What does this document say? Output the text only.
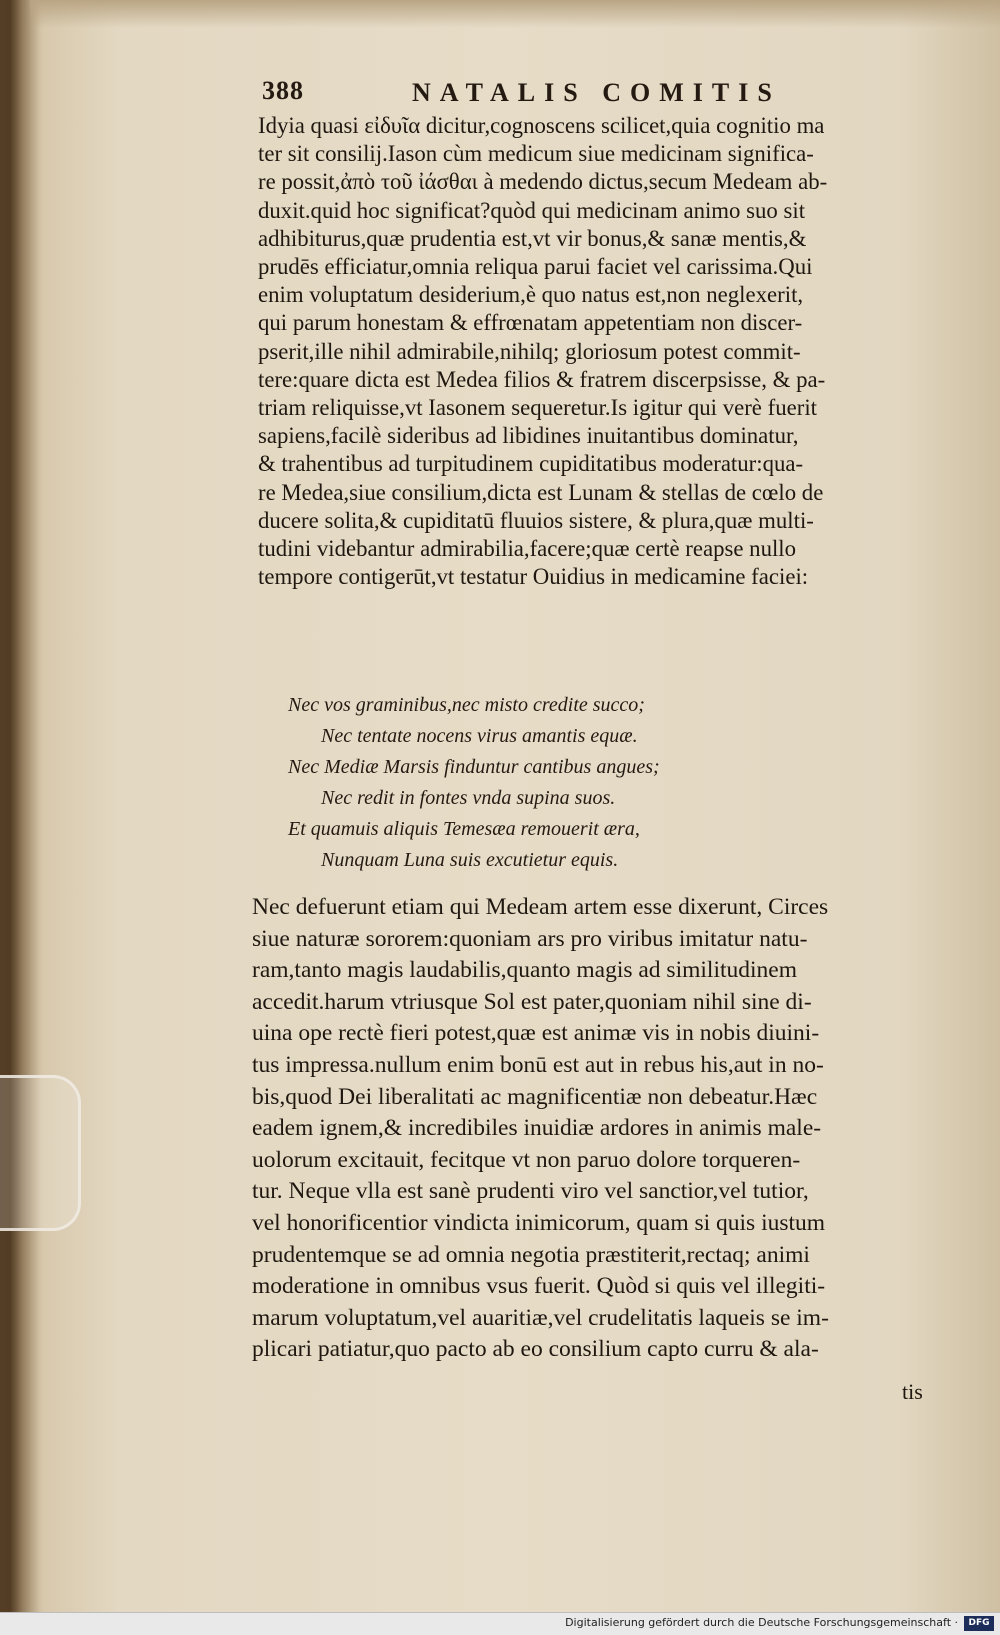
388	NATALIS COMITIS
Idyia quasi εἰδυῖα dicitur,cognoscens scilicet,quia cognitio ma
ter sit consilij.Iason cùm medicum siue medicinam significa-
re possit,ἀπὸ τοῦ ἰάσθαι à medendo dictus,secum Medeam ab-
duxit.quid hoc significat?quòd qui medicinam animo suo sit
adhibiturus,quæ prudentia est,vt vir bonus,& sanæ mentis,&
prudēs efficiatur,omnia reliqua parui faciet vel carissima.Qui
enim voluptatum desiderium,è quo natus est,non neglexerit,
qui parum honestam & effrœnatam appetentiam non discer-
pserit,ille nihil admirabile,nihilq; gloriosum potest commit-
tere:quare dicta est Medea filios & fratrem discerpsisse, & pa-
triam reliquisse,vt Iasonem sequeretur.Is igitur qui verè fuerit
sapiens,facilè sideribus ad libidines inuitantibus dominatur,
& trahentibus ad turpitudinem cupiditatibus moderatur:qua-
re Medea,siue consilium,dicta est Lunam & stellas de cœlo de
ducere solita,& cupiditatū fluuios sistere, & plura,quæ multi-
tudini videbantur admirabilia,facere;quæ certè reapse nullo
tempore contigerūt,vt testatur Ouidius in medicamine faciei:
Nec vos graminibus,nec misto credite succo;
Nec tentate nocens virus amantis equæ.
Nec Mediæ Marsis finduntur cantibus angues;
Nec redit in fontes vnda supina suos.
Et quamuis aliquis Temesæa remouerit æra,
Nunquam Luna suis excutietur equis.
Nec defuerunt etiam qui Medeam artem esse dixerunt, Circes
siue naturæ sororem:quoniam ars pro viribus imitatur natu-
ram,tanto magis laudabilis,quanto magis ad similitudinem
accedit.harum vtriusque Sol est pater,quoniam nihil sine di-
uina ope rectè fieri potest,quæ est animæ vis in nobis diuini-
tus impressa.nullum enim bonū est aut in rebus his,aut in no-
bis,quod Dei liberalitati ac magnificentiæ non debeatur.Hæc
eadem ignem,& incredibiles inuidiæ ardores in animis male-
uolorum excitauit, fecitque vt non paruo dolore torqueren-
tur. Neque vlla est sanè prudenti viro vel sanctior,vel tutior,
vel honorificentior vindicta inimicorum, quam si quis iustum
prudentemque se ad omnia negotia præstiterit,rectaq; animi
moderatione in omnibus vsus fuerit. Quòd si quis vel illegiti-
marum voluptatum,vel auaritiæ,vel crudelitatis laqueis se im-
plicari patiatur,quo pacto ab eo consilium capto curru & ala-
tis
Digitalisierung gefördert durch die Deutsche Forschungsgemeinschaft ·	DFG
